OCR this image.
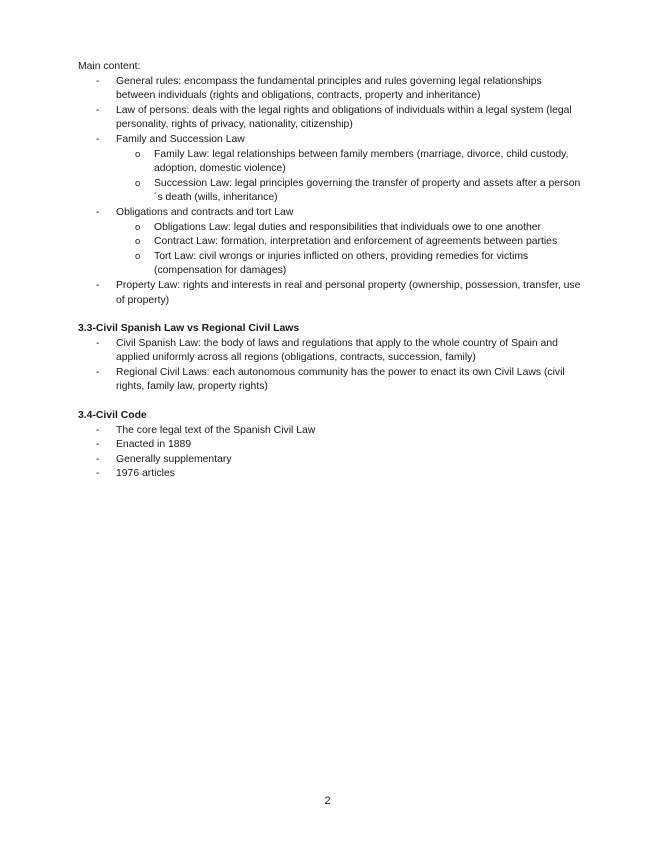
Main content:

- General rules: encompass the fundamental principles and rules governing legal relationships between individuals (rights and obligations, contracts, property and inheritance)
- Law of persons: deals with the legal rights and obligations of individuals within a legal system (legal personality, rights of privacy, nationality, citizenship)
- Family and Succession Law
o Family Law: legal relationships between family members (marriage, divorce, child custody, adoption, domestic violence)
o Succession Law: legal principles governing the transfer of property and assets after a person´s death (wills, inheritance)
- Obligations and contracts and tort Law
o Obligations Law: legal duties and responsibilities that individuals owe to one another
o Contract Law: formation, interpretation and enforcement of agreements between parties
o Tort Law: civil wrongs or injuries inflicted on others, providing remedies for victims (compensation for damages)
- Property Law: rights and interests in real and personal property (ownership, possession, transfer, use of property)

3.3-Civil Spanish Law vs Regional Civil Laws

- Civil Spanish Law: the body of laws and regulations that apply to the whole country of Spain and applied uniformly across all regions (obligations, contracts, succession, family)
- Regional Civil Laws: each autonomous community has the power to enact its own Civil Laws (civil rights, family law, property rights)

3.4-Civil Code

- The core legal text of the Spanish Civil Law
- Enacted in 1889
- Generally supplementary
- 1976 articles
2
